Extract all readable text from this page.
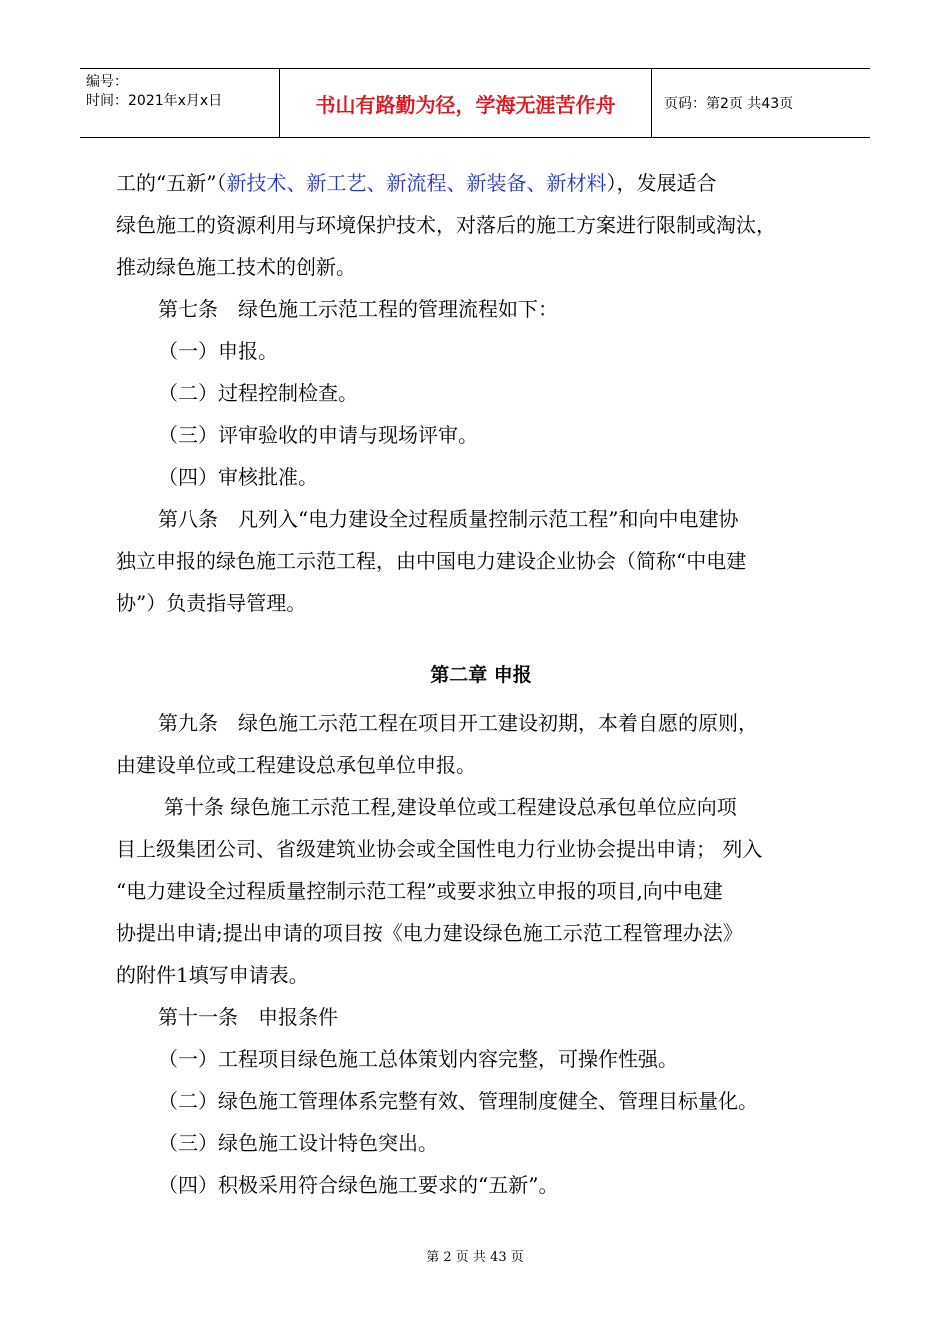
编号：
时间：2021年x月x日	书山有路勤为径，学海无涯苦作舟	页码：第2页 共43页

工的“五新”（新技术、新工艺、新流程、新装备、新材料），发展适合

绿色施工的资源利用与环境保护技术，对落后的施工方案进行限制或淘汰，

推动绿色施工技术的创新。

第七条　绿色施工示范工程的管理流程如下：

（一）申报。

（二）过程控制检查。

（三）评审验收的申请与现场评审。

（四）审核批准。

第八条　凡列入“电力建设全过程质量控制示范工程”和向中电建协

独立申报的绿色施工示范工程，由中国电力建设企业协会（简称“中电建

协”）负责指导管理。

第二章 申报

第九条　绿色施工示范工程在项目开工建设初期，本着自愿的原则，

由建设单位或工程建设总承包单位申报。

第十条 绿色施工示范工程,建设单位或工程建设总承包单位应向项

目上级集团公司、省级建筑业协会或全国性电力行业协会提出申请； 列入

“电力建设全过程质量控制示范工程”或要求独立申报的项目,向中电建

协提出申请;提出申请的项目按《电力建设绿色施工示范工程管理办法》

的附件1填写申请表。

第十一条　申报条件

（一）工程项目绿色施工总体策划内容完整，可操作性强。

（二）绿色施工管理体系完整有效、管理制度健全、管理目标量化。

（三）绿色施工设计特色突出。

（四）积极采用符合绿色施工要求的“五新”。

第 2 页 共 43 页
